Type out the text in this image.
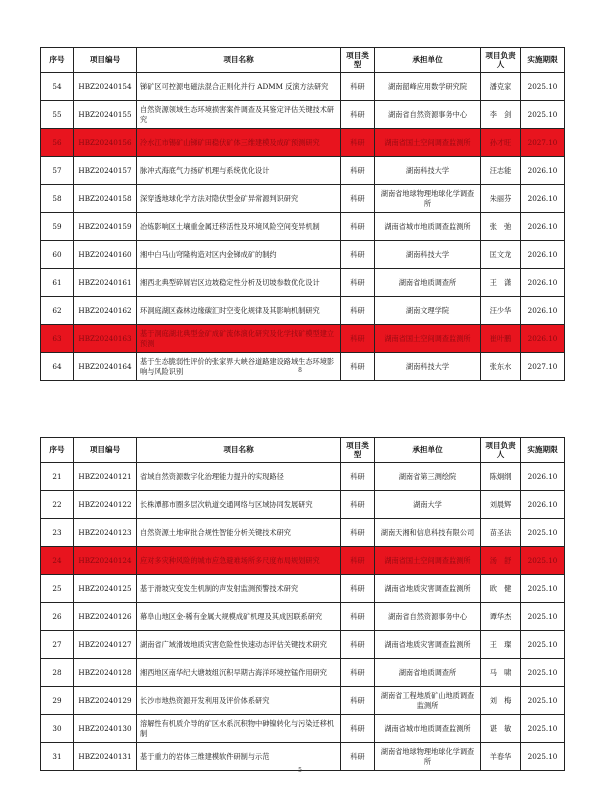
序号	项目编号	项目名称	项目类型	承担单位	项目负责人	实施期限
54	HBZ20240154	锑矿区可控源电磁法混合正则化并行 ADMM 反演方法研究	科研	湖南韶峰应用数学研究院	潘克家	2025.10
55	HBZ20240155	自然资源领域生态环境损害案件调查及其鉴定评估关键技术研究	科研	湖南省自然资源事务中心	李　剑	2025.10
56	HBZ20240156	冷水江市锡矿山锑矿田稳伏矿体三维建模及成矿预测研究	科研	湖南省国土空间调查监测所	孙才旺	2027.10
57	HBZ20240157	脉冲式海底气力扬矿机理与系统优化设计	科研	湖南科技大学	汪志能	2026.10
58	HBZ20240158	深穿透地球化学方法对隐伏型金矿异常源判识研究	科研	湖南省地球物理地球化学调查所	朱丽芬	2026.10
59	HBZ20240159	冶炼影响区土壤重金属迁移活性及环境风险空间变异机制	科研	湖南省城市地质调查监测所	张　弛	2026.10
60	HBZ20240160	湘中白马山穹隆构造对区内金锑成矿的制约	科研	湖南科技大学	匡文龙	2026.10
61	HBZ20240161	湘西北典型碎屑岩区边坡稳定性分析及切坡参数优化设计	科研	湖南省地质调查所	王　潇	2026.10
62	HBZ20240162	环洞庭湖区森林边缘碳汇时空变化规律及其影响机制研究	科研	湖南文理学院	汪少华	2026.10
63	HBZ20240163	基于洞庭湖北典型金矿成矿流体演化研究及化学找矿模型建立预测	科研	湖南省国土空间调查监测所	崔叶鹏	2026.10
64	HBZ20240164	基于生态脆弱性评价的张家界大峡谷道路建设路域生态环境影响与风险识别	科研	湖南科技大学	张东水	2027.10
8
序号	项目编号	项目名称	项目类型	承担单位	项目负责人	实施期限
21	HBZ20240121	省域自然资源数字化治理能力提升的实现路径	科研	湖南省第三测绘院	陈炯纲	2026.10
22	HBZ20240122	长株潭都市圈多层次轨道交通网络与区域协同发展研究	科研	湖南大学	刘晨辉	2026.10
23	HBZ20240123	自然资源土地审批合规性智能分析关键技术研究	科研	湖南天湘和信息科技有限公司	苗圣法	2025.10
24	HBZ20240124	应对多灾种风险的城市应急避难场所多尺度布局规划研究	科研	湖南省国土空间调查监测所	汤　舒	2025.10
25	HBZ20240125	基于滑坡灾变发生机制的声发射监测预警技术研究	科研	湖南省地质灾害调查监测所	欧　健	2025.10
26	HBZ20240126	幕阜山地区金-稀有金属大规模成矿机理及其成因联系研究	科研	湖南省自然资源事务中心	谭华杰	2025.10
27	HBZ20240127	湖南省广域滑坡地质灾害危险性快速动态评估关键技术研究	科研	湖南省地质灾害调查监测所	王　璨	2025.10
28	HBZ20240128	湘西地区南华纪大塘坡组沉积早期古海洋环境控锰作用研究	科研	湖南省地质调查所	马　啸	2025.10
29	HBZ20240129	长沙市地热资源开发利用及评价体系研究	科研	湖南省工程地质矿山地质调查监测所	刘　梅	2025.10
30	HBZ20240130	溶解性有机质介导的矿区水系沉积物中砷镍转化与污染迁移机制	科研	湖南省城市地质调查监测所	谌　敏	2025.10
31	HBZ20240131	基于重力的岩体三维建模软件研制与示范	科研	湖南省地球物理地球化学调查所	羊春华	2025.10
5
